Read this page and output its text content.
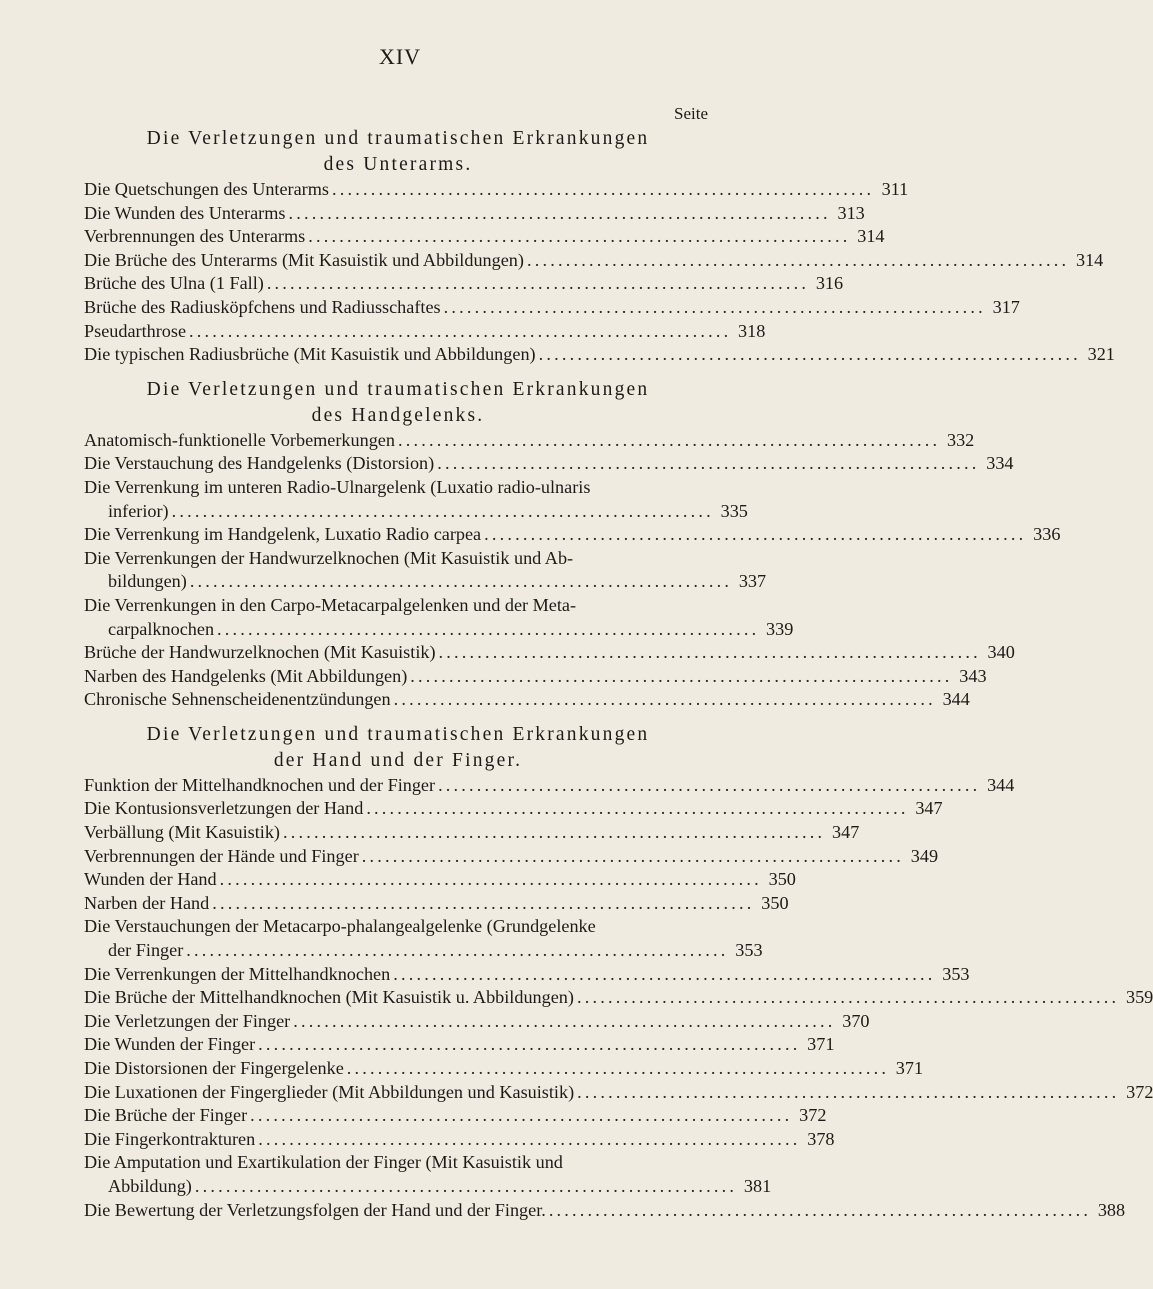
XIV
Seite
Die Verletzungen und traumatischen Erkrankungen
des Unterarms.
Die Quetschungen des Unterarms ...................................................................... 311
Die Wunden des Unterarms ...................................................................... 313
Verbrennungen des Unterarms ...................................................................... 314
Die Brüche des Unterarms (Mit Kasuistik und Abbildungen) ...................................................................... 314
Brüche des Ulna (1 Fall) ...................................................................... 316
Brüche des Radiusköpfchens und Radiusschaftes ...................................................................... 317
Pseudarthrose ...................................................................... 318
Die typischen Radiusbrüche (Mit Kasuistik und Abbildungen) ...................................................................... 321
Die Verletzungen und traumatischen Erkrankungen
des Handgelenks.
Anatomisch-funktionelle Vorbemerkungen ...................................................................... 332
Die Verstauchung des Handgelenks (Distorsion) ...................................................................... 334
Die Verrenkung im unteren Radio-Ulnargelenk (Luxatio radio-ulnaris
inferior) ...................................................................... 335
Die Verrenkung im Handgelenk, Luxatio Radio carpea ...................................................................... 336
Die Verrenkungen der Handwurzelknochen (Mit Kasuistik und Ab-
bildungen) ...................................................................... 337
Die Verrenkungen in den Carpo-Metacarpalgelenken und der Meta-
carpalknochen ...................................................................... 339
Brüche der Handwurzelknochen (Mit Kasuistik) ...................................................................... 340
Narben des Handgelenks (Mit Abbildungen) ...................................................................... 343
Chronische Sehnenscheidenentzündungen ...................................................................... 344
Die Verletzungen und traumatischen Erkrankungen
der Hand und der Finger.
Funktion der Mittelhandknochen und der Finger ...................................................................... 344
Die Kontusionsverletzungen der Hand ...................................................................... 347
Verbällung (Mit Kasuistik) ...................................................................... 347
Verbrennungen der Hände und Finger ...................................................................... 349
Wunden der Hand ...................................................................... 350
Narben der Hand ...................................................................... 350
Die Verstauchungen der Metacarpo-phalangealgelenke (Grundgelenke
der Finger ...................................................................... 353
Die Verrenkungen der Mittelhandknochen ...................................................................... 353
Die Brüche der Mittelhandknochen (Mit Kasuistik u. Abbildungen) ...................................................................... 359
Die Verletzungen der Finger ...................................................................... 370
Die Wunden der Finger ...................................................................... 371
Die Distorsionen der Fingergelenke ...................................................................... 371
Die Luxationen der Fingerglieder (Mit Abbildungen und Kasuistik) ...................................................................... 372
Die Brüche der Finger ...................................................................... 372
Die Fingerkontrakturen ...................................................................... 378
Die Amputation und Exartikulation der Finger (Mit Kasuistik und
Abbildung) ...................................................................... 381
Die Bewertung der Verletzungsfolgen der Hand und der Finger. ...................................................................... 388
